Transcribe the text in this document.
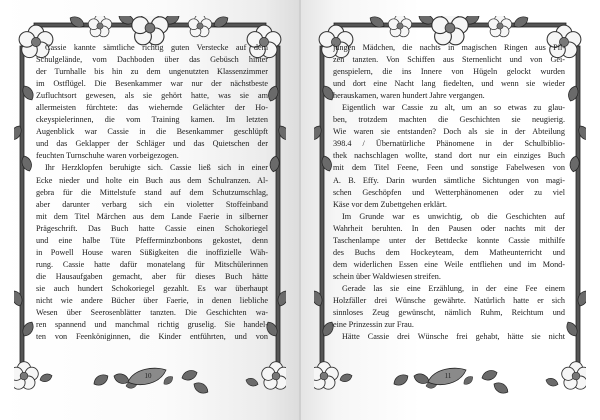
Cassie kannte sämtliche richtig guten Verstecke auf dem
Schulgelände, vom Dachboden über das Gebüsch hinter
der Turnhalle bis hin zu dem ungenutzten Klassenzimmer
im Ostflügel. Die Besenkammer war nur der nächstbeste
Zufluchtsort gewesen, als sie gehört hatte, was sie am
allermeisten fürchtete: das wiehernde Gelächter der Ho-
ckeyspielerinnen, die vom Training kamen. Im letzten
Augenblick war Cassie in die Besenkammer geschlüpft
und das Geklapper der Schläger und das Quietschen der
feuchten Turnschuhe waren vorbeigezogen.
Ihr Herzklopfen beruhigte sich. Cassie ließ sich in einer
Ecke nieder und holte ein Buch aus dem Schulranzen. Al-
gebra für die Mittelstufe stand auf dem Schutzumschlag,
aber darunter verbarg sich ein violetter Stoffeinband
mit dem Titel Märchen aus dem Lande Faerie in silberner
Prägeschrift. Das Buch hatte Cassie einen Schokoriegel
und eine halbe Tüte Pfefferminzbonbons gekostet, denn
in Powell House waren Süßigkeiten die inoffizielle Wäh-
rung. Cassie hatte dafür monatelang für Mitschülerinnen
die Hausaufgaben gemacht, aber für dieses Buch hätte
sie auch hundert Schokoriegel gezahlt. Es war überhaupt
nicht wie andere Bücher über Faerie, in denen liebliche
Wesen über Seerosenblätter tanzten. Die Geschichten wa-
ren spannend und manchmal richtig gruselig. Sie handel-
ten von Feenköniginnen, die Kinder entführten, und von
10
jungen Mädchen, die nachts in magischen Ringen aus Pil-
zen tanzten. Von Schiffen aus Sternenlicht und von Gei-
genspielern, die ins Innere von Hügeln gelockt wurden
und dort eine Nacht lang fiedelten, und wenn sie wieder
herauskamen, waren hundert Jahre vergangen.
Eigentlich war Cassie zu alt, um an so etwas zu glau-
ben, trotzdem machten die Geschichten sie neugierig.
Wie waren sie entstanden? Doch als sie in der Abteilung
398.4 / Übernatürliche Phänomene in der Schulbiblio-
thek nachschlagen wollte, stand dort nur ein einziges Buch
mit dem Titel Feene, Feen und sonstige Fabelwesen von
A. B. Effy. Darin wurden sämtliche Sichtungen von magi-
schen Geschöpfen und Wetterphänomenen oder zu viel
Käse vor dem Zubettgehen erklärt.
Im Grunde war es unwichtig, ob die Geschichten auf
Wahrheit beruhten. In den Pausen oder nachts mit der
Taschenlampe unter der Bettdecke konnte Cassie mithilfe
des Buchs dem Hockeyteam, dem Matheunterricht und
dem widerlichen Essen eine Weile entfliehen und im Mond-
schein über Waldwiesen streifen.
Gerade las sie eine Erzählung, in der eine Fee einem
Holzfäller drei Wünsche gewährte. Natürlich hatte er sich
sinnloses Zeug gewünscht, nämlich Ruhm, Reichtum und
eine Prinzessin zur Frau.
Hätte Cassie drei Wünsche frei gehabt, hätte sie nicht
11
